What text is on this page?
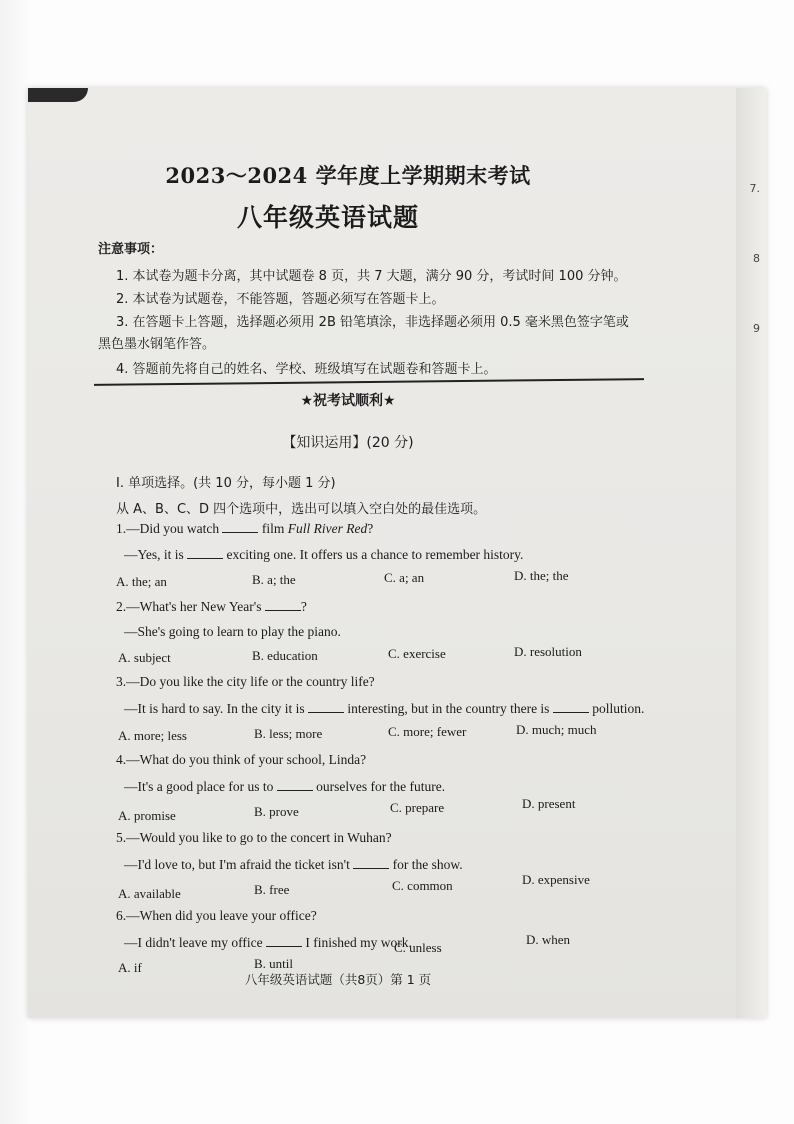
7.
8
9
2023～2024 学年度上学期期末考试
八年级英语试题
注意事项：
1. 本试卷为题卡分离，其中试题卷 8 页，共 7 大题，满分 90 分，考试时间 100 分钟。
2. 本试卷为试题卷，不能答题，答题必须写在答题卡上。
3. 在答题卡上答题，选择题必须用 2B 铅笔填涂，非选择题必须用 0.5 毫米黑色签字笔或
黑色墨水钢笔作答。
4. 答题前先将自己的姓名、学校、班级填写在试题卷和答题卡上。
★祝考试顺利★
【知识运用】(20 分)
Ⅰ. 单项选择。(共 10 分，每小题 1 分)
从 A、B、C、D 四个选项中，选出可以填入空白处的最佳选项。
1.—Did you watch	film Full River Red?
—Yes, it is	exciting one. It offers us a chance to remember history.
A. the; an	B. a; the	C. a; an	D. the; the
2.—What's her New Year's	?
—She's going to learn to play the piano.
A. subject	B. education	C. exercise	D. resolution
3.—Do you like the city life or the country life?
—It is hard to say. In the city it is	interesting, but in the country there is	pollution.
A. more; less	B. less; more	C. more; fewer	D. much; much
4.—What do you think of your school, Linda?
—It's a good place for us to	ourselves for the future.
A. promise	B. prove	C. prepare	D. present
5.—Would you like to go to the concert in Wuhan?
—I'd love to, but I'm afraid the ticket isn't	for the show.
A. available	B. free	C. common	D. expensive
6.—When did you leave your office?
—I didn't leave my office	I finished my work.
A. if	B. until
C. unless
D. when
八年级英语试题（共8页）第 1 页
